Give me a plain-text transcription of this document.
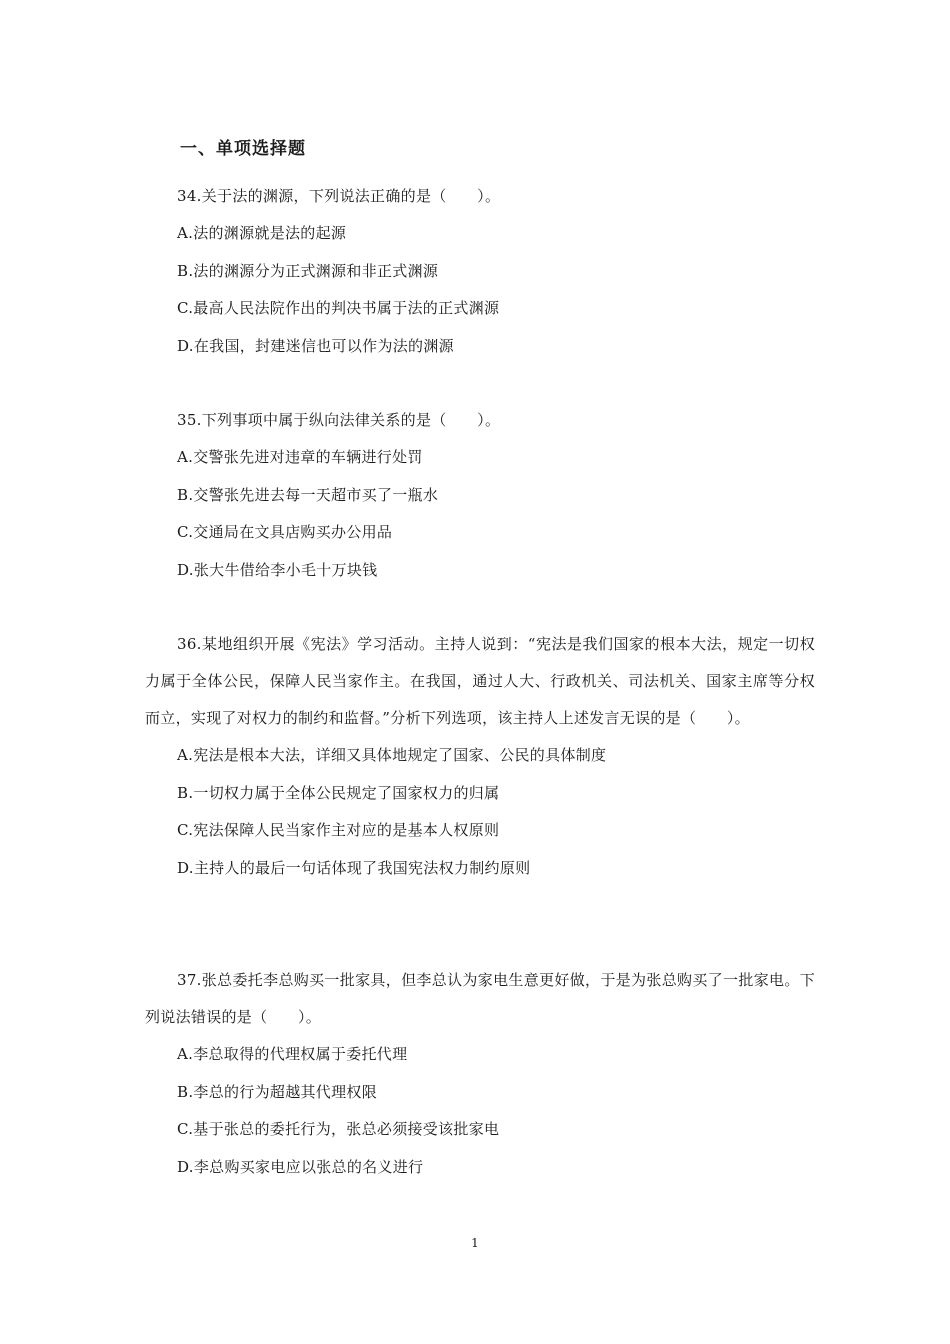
一、单项选择题

34.关于法的渊源，下列说法正确的是（　　）。

A.法的渊源就是法的起源

B.法的渊源分为正式渊源和非正式渊源

C.最高人民法院作出的判决书属于法的正式渊源

D.在我国，封建迷信也可以作为法的渊源

35.下列事项中属于纵向法律关系的是（　　）。

A.交警张先进对违章的车辆进行处罚

B.交警张先进去每一天超市买了一瓶水

C.交通局在文具店购买办公用品

D.张大牛借给李小毛十万块钱

36.某地组织开展《宪法》学习活动。主持人说到：“宪法是我们国家的根本大法，规定一切权力属于全体公民，保障人民当家作主。在我国，通过人大、行政机关、司法机关、国家主席等分权而立，实现了对权力的制约和监督。”分析下列选项，该主持人上述发言无误的是（　　）。

A.宪法是根本大法，详细又具体地规定了国家、公民的具体制度

B.一切权力属于全体公民规定了国家权力的归属

C.宪法保障人民当家作主对应的是基本人权原则

D.主持人的最后一句话体现了我国宪法权力制约原则

37.张总委托李总购买一批家具，但李总认为家电生意更好做，于是为张总购买了一批家电。下列说法错误的是（　　）。

A.李总取得的代理权属于委托代理

B.李总的行为超越其代理权限

C.基于张总的委托行为，张总必须接受该批家电

D.李总购买家电应以张总的名义进行

1
